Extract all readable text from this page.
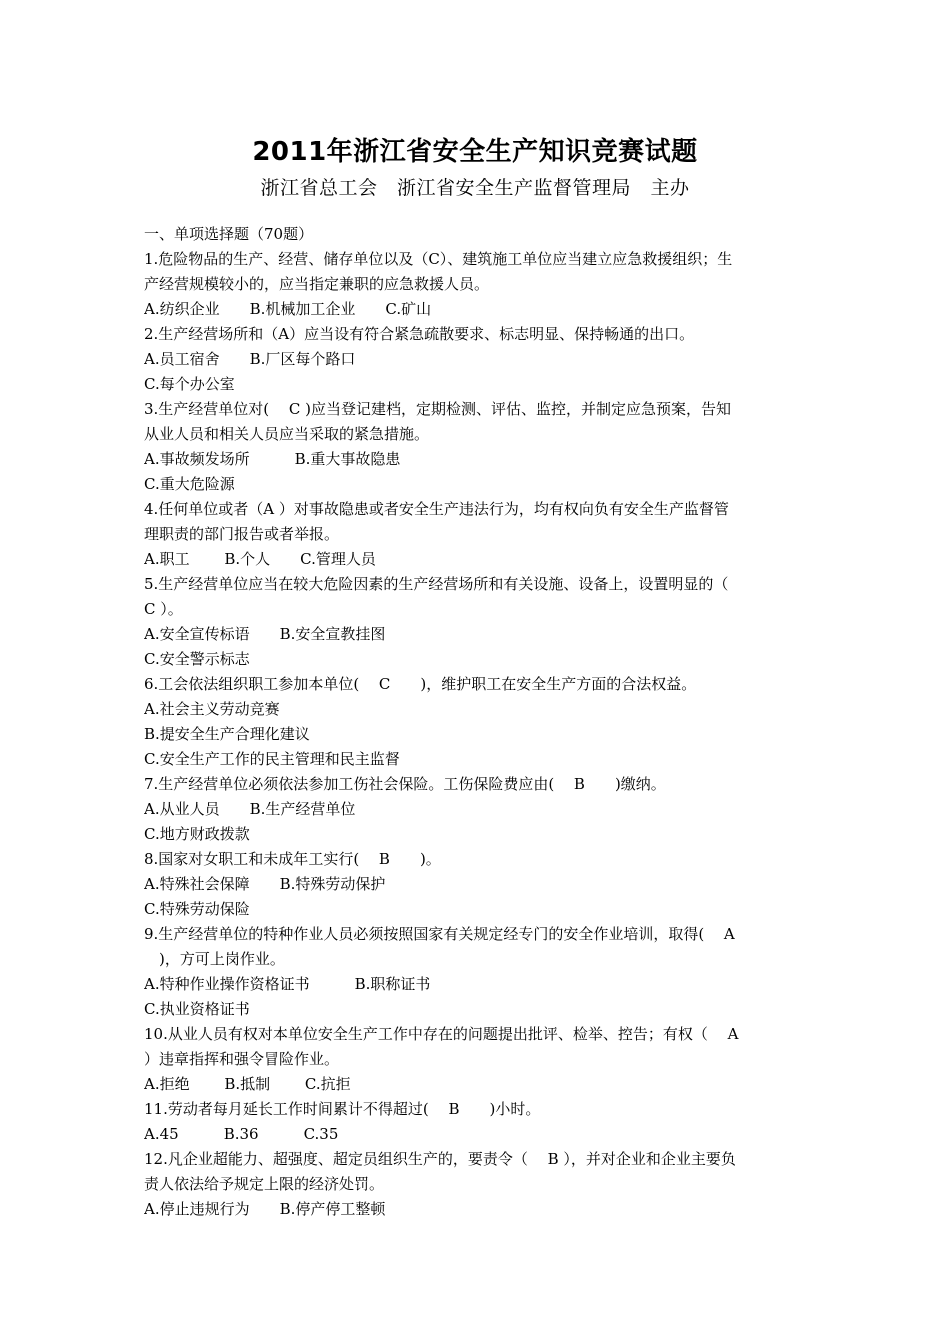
2011年浙江省安全生产知识竞赛试题
浙江省总工会　浙江省安全生产监督管理局　主办
一、单项选择题（70题）
1.危险物品的生产、经营、储存单位以及（C）、建筑施工单位应当建立应急救援组织；生
产经营规模较小的，应当指定兼职的应急救援人员。
A.纺织企业　　B.机械加工企业　　C.矿山
2.生产经营场所和（A）应当设有符合紧急疏散要求、标志明显、保持畅通的出口。
A.员工宿舍　　B.厂区每个路口
C.每个办公室
3.生产经营单位对(　 C )应当登记建档，定期检测、评估、监控，并制定应急预案，告知
从业人员和相关人员应当采取的紧急措施。
A.事故频发场所　　　B.重大事故隐患
C.重大危险源
4.任何单位或者（A ）对事故隐患或者安全生产违法行为，均有权向负有安全生产监督管
理职责的部门报告或者举报。
A.职工　　 B.个人　　C.管理人员
5.生产经营单位应当在较大危险因素的生产经营场所和有关设施、设备上，设置明显的（
C ）。
A.安全宣传标语　　B.安全宣教挂图
C.安全警示标志
6.工会依法组织职工参加本单位(　 C　　)，维护职工在安全生产方面的合法权益。
A.社会主义劳动竞赛
B.提安全生产合理化建议
C.安全生产工作的民主管理和民主监督
7.生产经营单位必须依法参加工伤社会保险。工伤保险费应由(　 B　　)缴纳。
A.从业人员　　B.生产经营单位
C.地方财政拨款
8.国家对女职工和未成年工实行(　 B　　)。
A.特殊社会保障　　B.特殊劳动保护
C.特殊劳动保险
9.生产经营单位的特种作业人员必须按照国家有关规定经专门的安全作业培训，取得(　 A
　)，方可上岗作业。
A.特种作业操作资格证书　　　B.职称证书
C.执业资格证书
10.从业人员有权对本单位安全生产工作中存在的问题提出批评、检举、控告；有权（　 A
）违章指挥和强令冒险作业。
A.拒绝　　 B.抵制　　 C.抗拒
11.劳动者每月延长工作时间累计不得超过(　 B　　)小时。
A.45　　　B.36　　　C.35
12.凡企业超能力、超强度、超定员组织生产的，要责令（　 B ），并对企业和企业主要负
责人依法给予规定上限的经济处罚。
A.停止违规行为　　B.停产停工整顿
